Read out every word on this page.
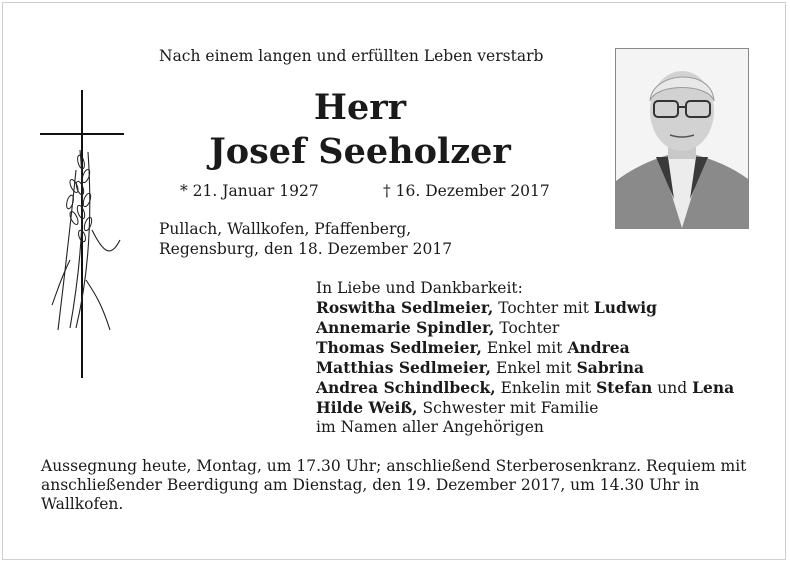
Nach einem langen und erfüllten Leben verstarb
Herr
Josef Seeholzer
* 21. Januar 1927	† 16. Dezember 2017
Pullach, Wallkofen, Pfaffenberg,
Regensburg, den 18. Dezember 2017
In Liebe und Dankbarkeit:
Roswitha Sedlmeier, Tochter mit Ludwig
Annemarie Spindler, Tochter
Thomas Sedlmeier, Enkel mit Andrea
Matthias Sedlmeier, Enkel mit Sabrina
Andrea Schindlbeck, Enkelin mit Stefan und Lena
Hilde Weiß, Schwester mit Familie
im Namen aller Angehörigen
Aussegnung heute, Montag, um 17.30 Uhr; anschließend Sterberosenkranz. Requiem mit anschließender Beerdigung am Dienstag, den 19. Dezember 2017, um 14.30 Uhr in Wallkofen.
